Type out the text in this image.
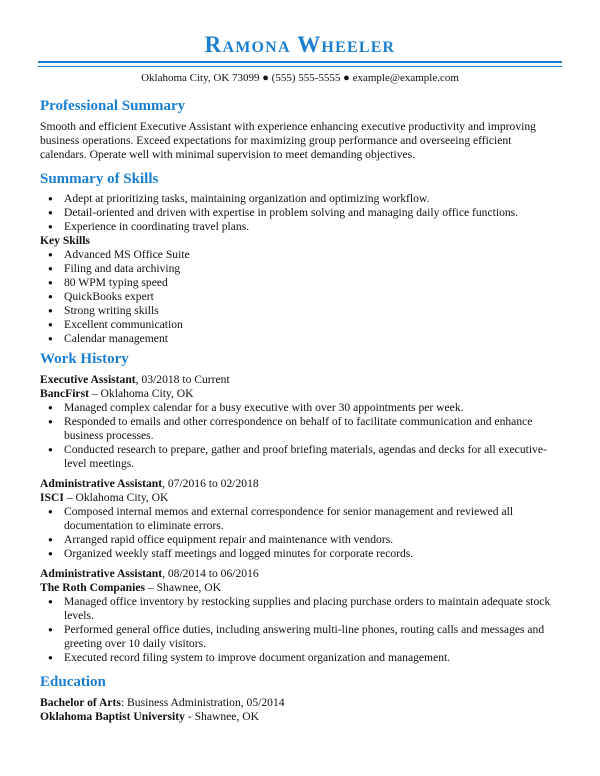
Ramona Wheeler
Oklahoma City, OK 73099 ● (555) 555-5555 ● example@example.com
Professional Summary

Smooth and efficient Executive Assistant with experience enhancing executive productivity and improving business operations. Exceed expectations for maximizing group performance and overseeing efficient calendars. Operate well with minimal supervision to meet demanding objectives.

Summary of Skills
● Adept at prioritizing tasks, maintaining organization and optimizing workflow.
● Detail-oriented and driven with expertise in problem solving and managing daily office functions.
● Experience in coordinating travel plans.
Key Skills
● Advanced MS Office Suite
● Filing and data archiving
● 80 WPM typing speed
● QuickBooks expert
● Strong writing skills
● Excellent communication
● Calendar management
Work History
Executive Assistant, 03/2018 to Current
BancFirst – Oklahoma City, OK
● Managed complex calendar for a busy executive with over 30 appointments per week.
● Responded to emails and other correspondence on behalf of to facilitate communication and enhance business processes.
● Conducted research to prepare, gather and proof briefing materials, agendas and decks for all executive-level meetings.
Administrative Assistant, 07/2016 to 02/2018
ISCI – Oklahoma City, OK
● Composed internal memos and external correspondence for senior management and reviewed all documentation to eliminate errors.
● Arranged rapid office equipment repair and maintenance with vendors.
● Organized weekly staff meetings and logged minutes for corporate records.
Administrative Assistant, 08/2014 to 06/2016
The Roth Companies – Shawnee, OK
● Managed office inventory by restocking supplies and placing purchase orders to maintain adequate stock levels.
● Performed general office duties, including answering multi-line phones, routing calls and messages and greeting over 10 daily visitors.
● Executed record filing system to improve document organization and management.
Education
Bachelor of Arts: Business Administration, 05/2014
Oklahoma Baptist University - Shawnee, OK
